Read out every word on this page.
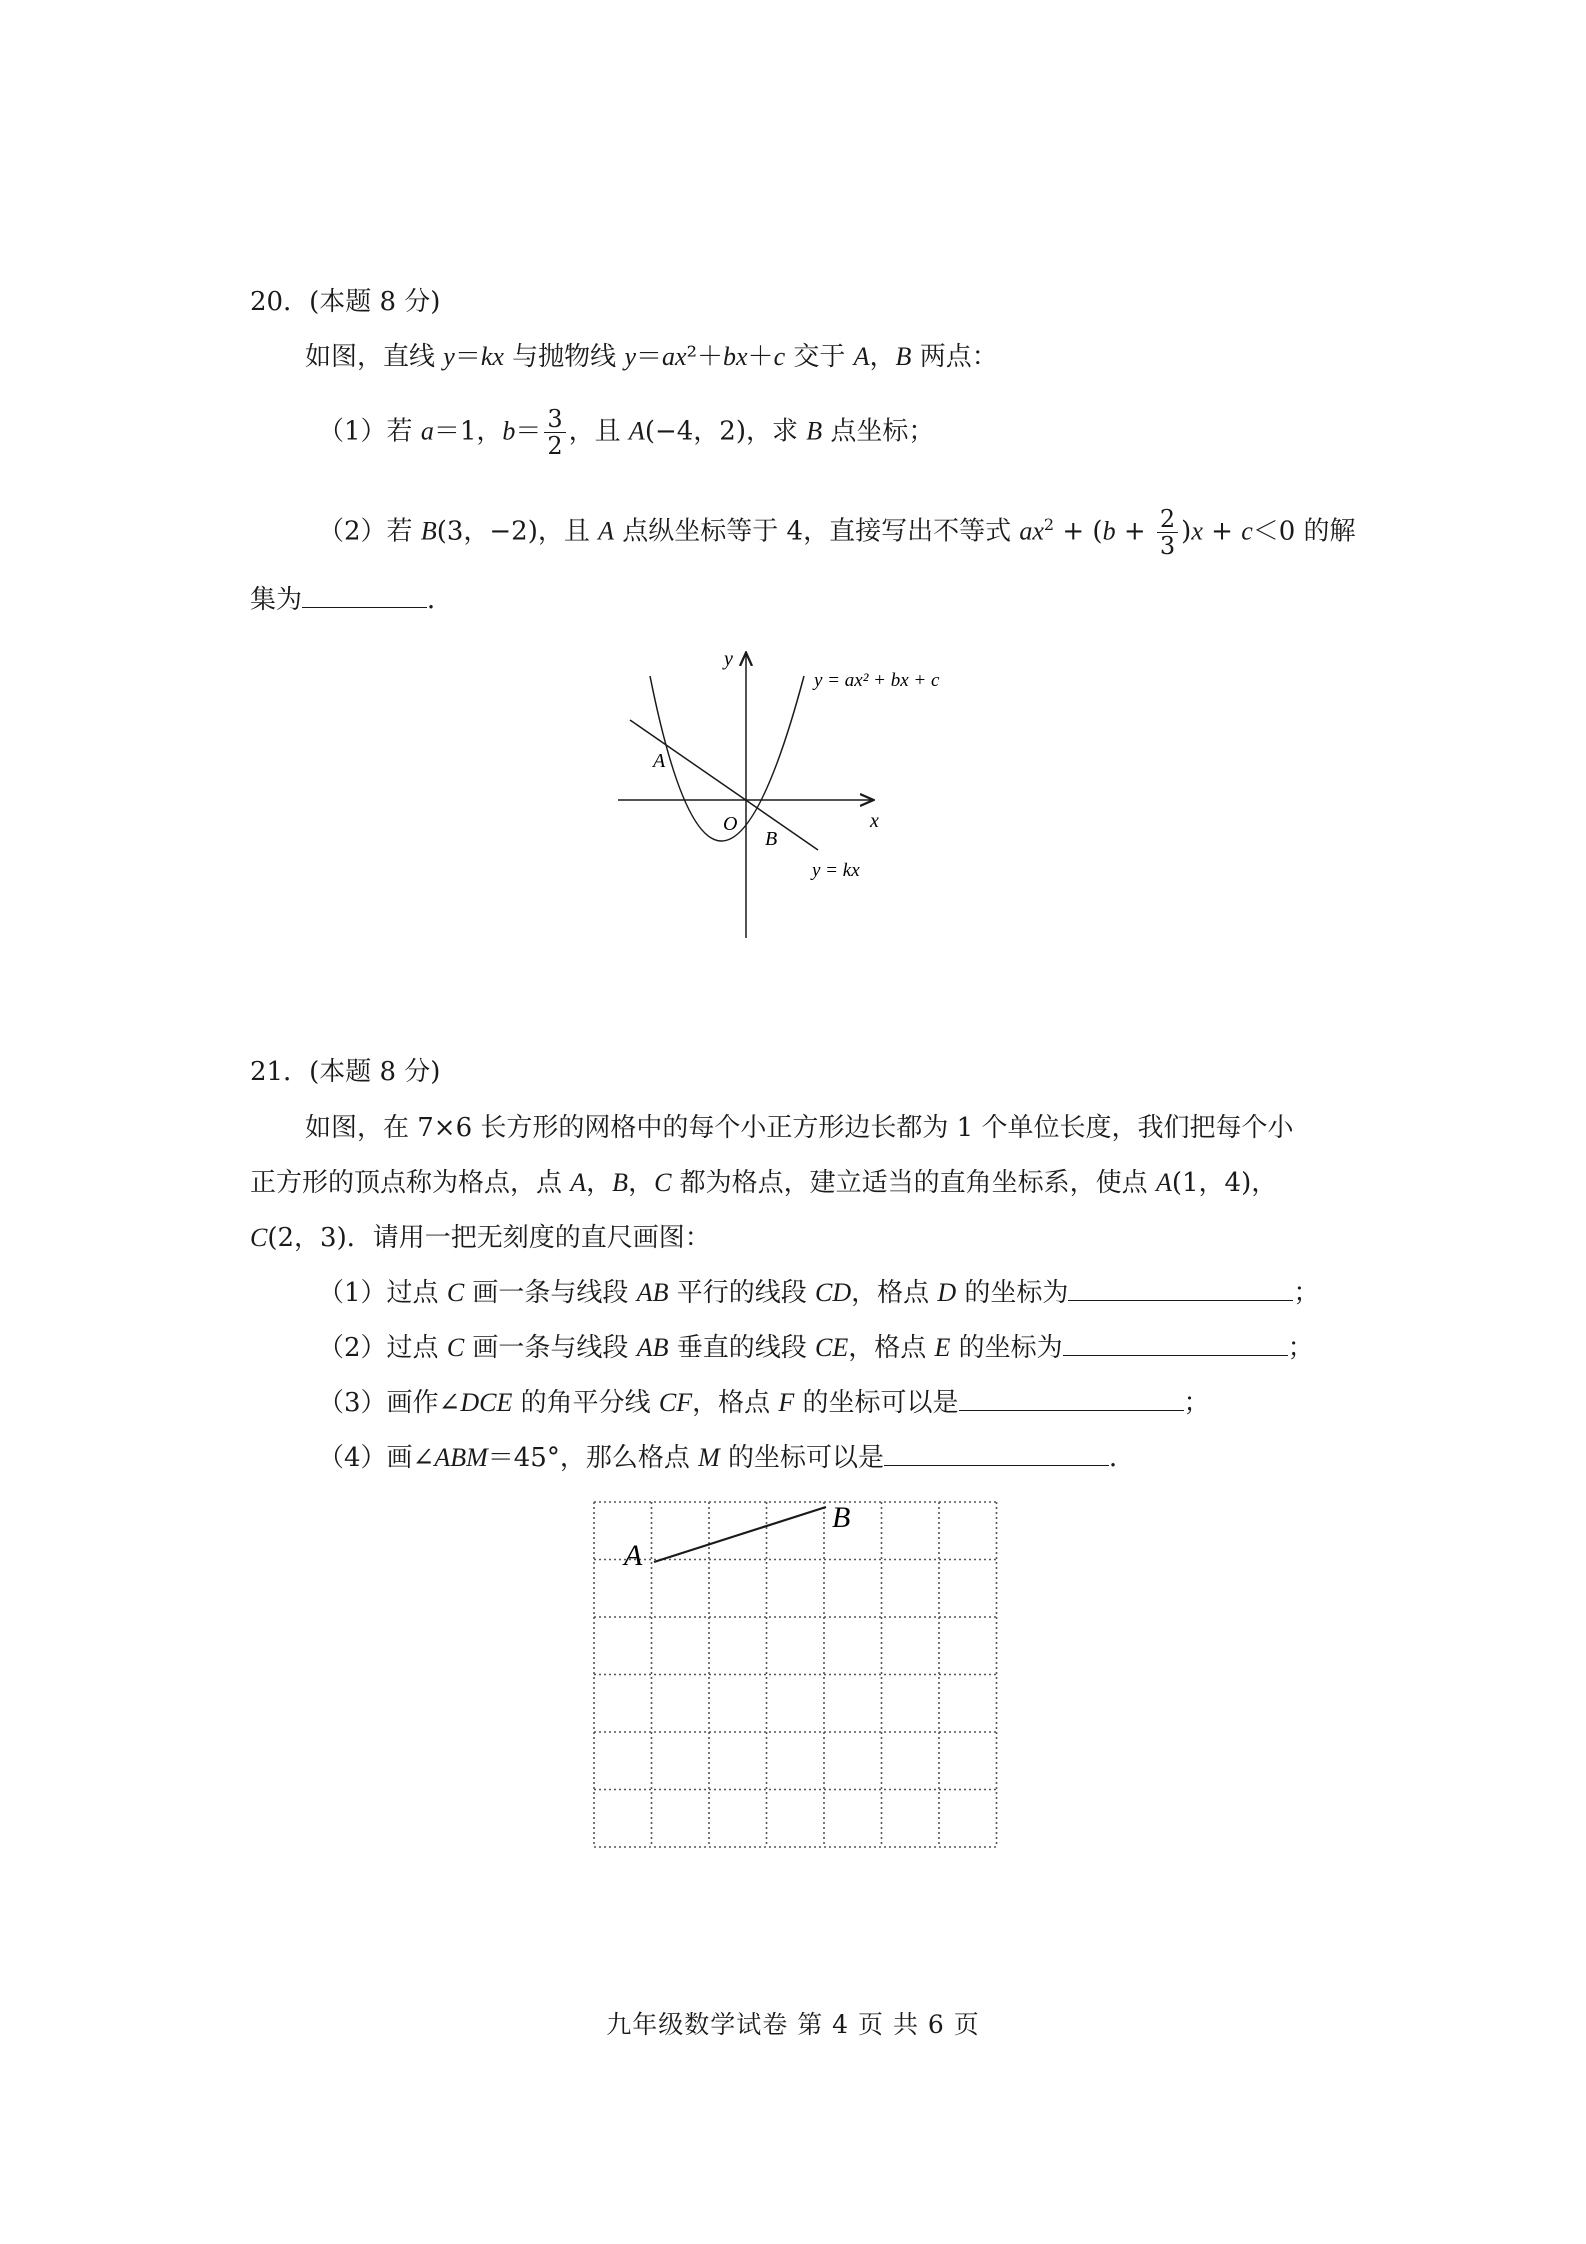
20．(本题 8 分)
如图，直线 y＝kx 与抛物线 y＝ax²＋bx＋c 交于 A，B 两点：
（1）若 a＝1，$b= \frac{3}{2}$ ，且 A(−4，2)，求 B 点坐标；
（2）若 B(3，−2)，且 A 点纵坐标等于 4，直接写出不等式 $ax^2 + (b + \frac{2}{3} )x + c<0$ 的解
集为	．
y
x
O
A
B
y = ax² + bx + c
y = kx
21．(本题 8 分)
如图，在 7×6 长方形的网格中的每个小正方形边长都为 1 个单位长度，我们把每个小
正方形的顶点称为格点，点 A，B，C 都为格点，建立适当的直角坐标系，使点 A(1，4)，
C(2，3)．请用一把无刻度的直尺画图：
（1）过点 C 画一条与线段 AB 平行的线段 CD，格点 D 的坐标为	；
（2）过点 C 画一条与线段 AB 垂直的线段 CE，格点 E 的坐标为	；
（3）画作∠DCE 的角平分线 CF，格点 F 的坐标可以是	；
（4）画∠ABM＝45°，那么格点 M 的坐标可以是	．
A
B
九年级数学试卷 第 4 页 共 6 页
